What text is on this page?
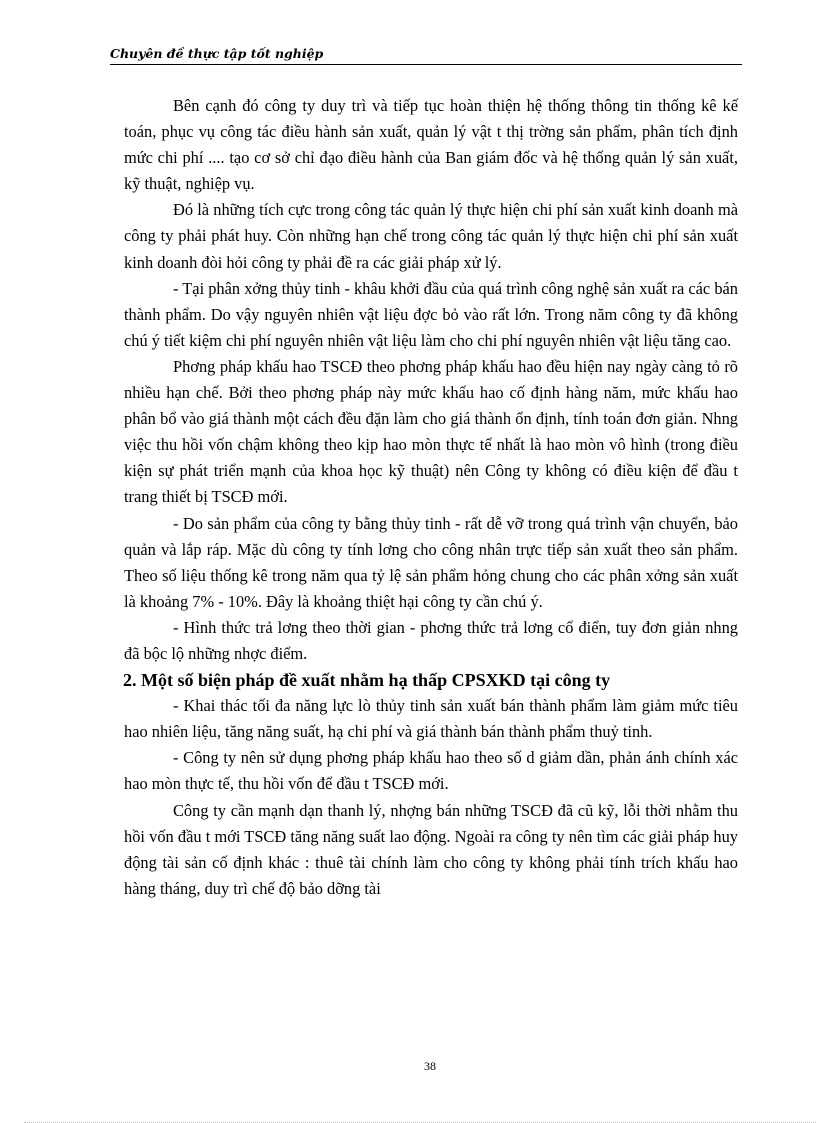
Chuyên đề thực tập tốt nghiệp

Bên cạnh đó công ty duy trì và tiếp tục hoàn thiện hệ thống thông tin thống kê kế toán, phục vụ công tác điều hành sản xuất, quản lý vật t thị trờng sản phẩm, phân tích định mức chi phí .... tạo cơ sở chỉ đạo điều hành của Ban giám đốc và hệ thống quản lý sản xuất, kỹ thuật, nghiệp vụ.

Đó là những tích cực trong công tác quản lý thực hiện chi phí sản xuất kinh doanh mà công ty phải phát huy. Còn những hạn chế trong công tác quản lý thực hiện chi phí sản xuất kinh doanh đòi hỏi công ty phải đề ra các giải pháp xử lý.

- Tại phân xởng thủy tinh - khâu khởi đầu của quá trình công nghệ sản xuất ra các bán thành phẩm. Do vậy nguyên nhiên vật liệu đợc bỏ vào rất lớn. Trong năm công ty đã không chú ý tiết kiệm chi phí nguyên nhiên vật liệu làm cho chi phí nguyên nhiên vật liệu tăng cao.

Phơng pháp khấu hao TSCĐ theo phơng pháp khấu hao đều hiện nay ngày càng tỏ rõ nhiều hạn chế. Bởi theo phơng pháp này mức khấu hao cố định hàng năm, mức khấu hao phân bổ vào giá thành một cách đều đặn làm cho giá thành ổn định, tính toán đơn giản. Nhng việc thu hồi vốn chậm không theo kịp hao mòn thực tế nhất là hao mòn vô hình (trong điều kiện sự phát triển mạnh của khoa học kỹ thuật) nên Công ty không có điều kiện để đầu t trang thiết bị TSCĐ mới.

- Do sản phẩm của công ty bằng thủy tinh - rất dễ vỡ trong quá trình vận chuyển, bảo quản và lắp ráp. Mặc dù công ty tính lơng cho công nhân trực tiếp sản xuất theo sản phẩm. Theo số liệu thống kê trong năm qua tỷ lệ sản phẩm hỏng chung cho các phân xởng sản xuất là khoảng 7% - 10%. Đây là khoảng thiệt hại công ty cần chú ý.

- Hình thức trả lơng theo thời gian - phơng thức trả lơng cổ điển, tuy đơn giản nhng đã bộc lộ những nhợc điểm.

2. Một số biện pháp đề xuất nhằm hạ thấp CPSXKD tại công ty

- Khai thác tối đa năng lực lò thủy tinh sản xuất bán thành phẩm làm giảm mức tiêu hao nhiên liệu, tăng năng suất, hạ chi phí và giá thành bán thành phẩm thuỷ tinh.

- Công ty nên sử dụng phơng pháp khấu hao theo số d giảm dần, phản ánh chính xác hao mòn thực tế, thu hồi vốn để đầu t TSCĐ mới.

Công ty cần mạnh dạn thanh lý, nhợng bán những TSCĐ đã cũ kỹ, lỗi thời nhằm thu hồi vốn đầu t mới TSCĐ tăng năng suất lao động. Ngoài ra công ty nên tìm các giải pháp huy động tài sản cố định khác : thuê tài chính làm cho công ty không phải tính trích khấu hao hàng tháng, duy trì chế độ bảo dỡng tài

38
